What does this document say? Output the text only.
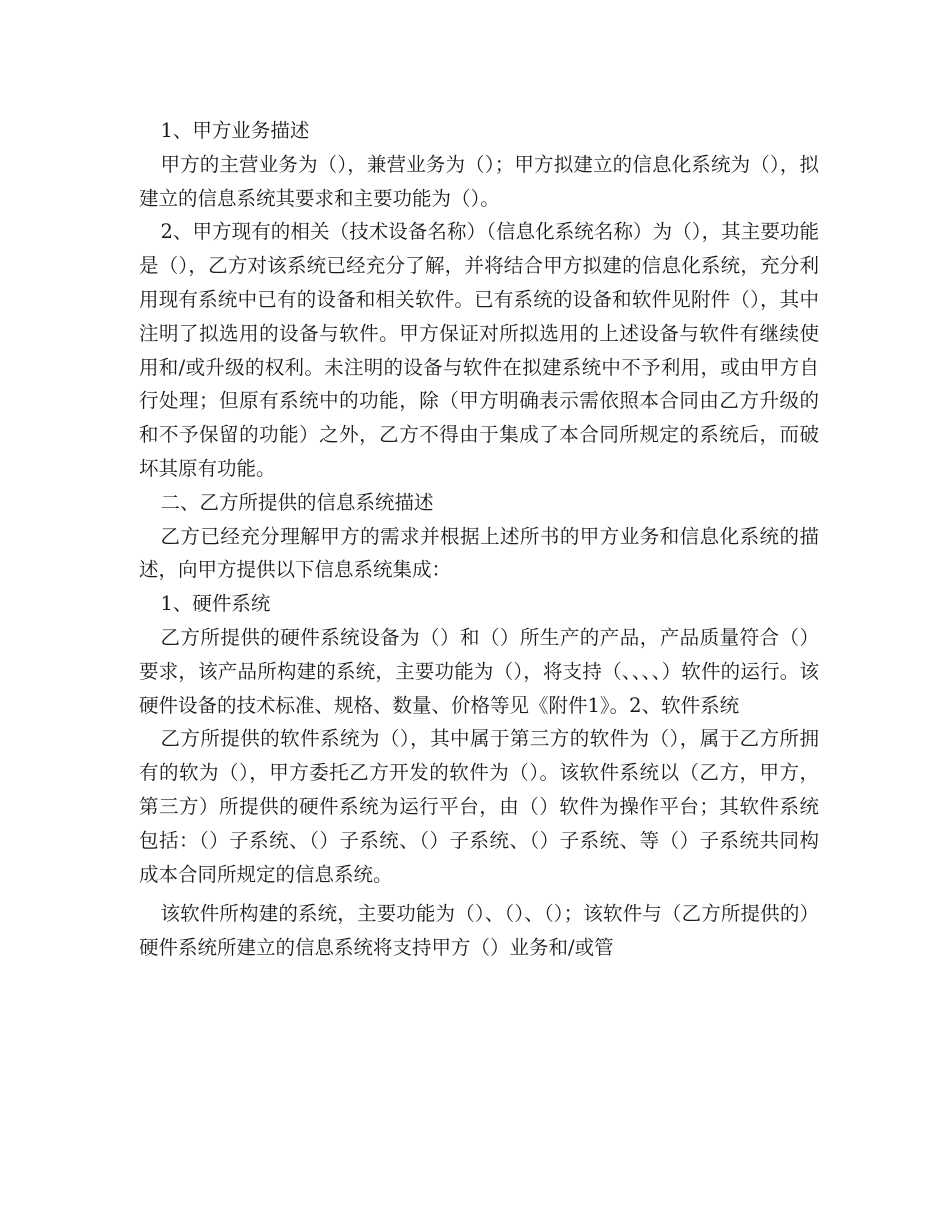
1、甲方业务描述

甲方的主营业务为（），兼营业务为（）；甲方拟建立的信息化系统为（），拟建立的信息系统其要求和主要功能为（）。

2、甲方现有的相关（技术设备名称）（信息化系统名称）为（），其主要功能是（），乙方对该系统已经充分了解，并将结合甲方拟建的信息化系统，充分利用现有系统中已有的设备和相关软件。已有系统的设备和软件见附件（），其中注明了拟选用的设备与软件。甲方保证对所拟选用的上述设备与软件有继续使用和/或升级的权利。未注明的设备与软件在拟建系统中不予利用，或由甲方自行处理；但原有系统中的功能，除（甲方明确表示需依照本合同由乙方升级的和不予保留的功能）之外，乙方不得由于集成了本合同所规定的系统后，而破坏其原有功能。

二、乙方所提供的信息系统描述

乙方已经充分理解甲方的需求并根据上述所书的甲方业务和信息化系统的描述，向甲方提供以下信息系统集成：

1、硬件系统

乙方所提供的硬件系统设备为（）和（）所生产的产品，产品质量符合（）要求，该产品所构建的系统，主要功能为（），将支持（、、、、）软件的运行。该硬件设备的技术标准、规格、数量、价格等见《附件1》。2、软件系统

乙方所提供的软件系统为（），其中属于第三方的软件为（），属于乙方所拥有的软为（），甲方委托乙方开发的软件为（）。该软件系统以（乙方，甲方，第三方）所提供的硬件系统为运行平台，由（）软件为操作平台；其软件系统包括：（）子系统、（）子系统、（）子系统、（）子系统、等（）子系统共同构成本合同所规定的信息系统。

该软件所构建的系统，主要功能为（）、（）、（）；该软件与（乙方所提供的）硬件系统所建立的信息系统将支持甲方（）业务和/或管
